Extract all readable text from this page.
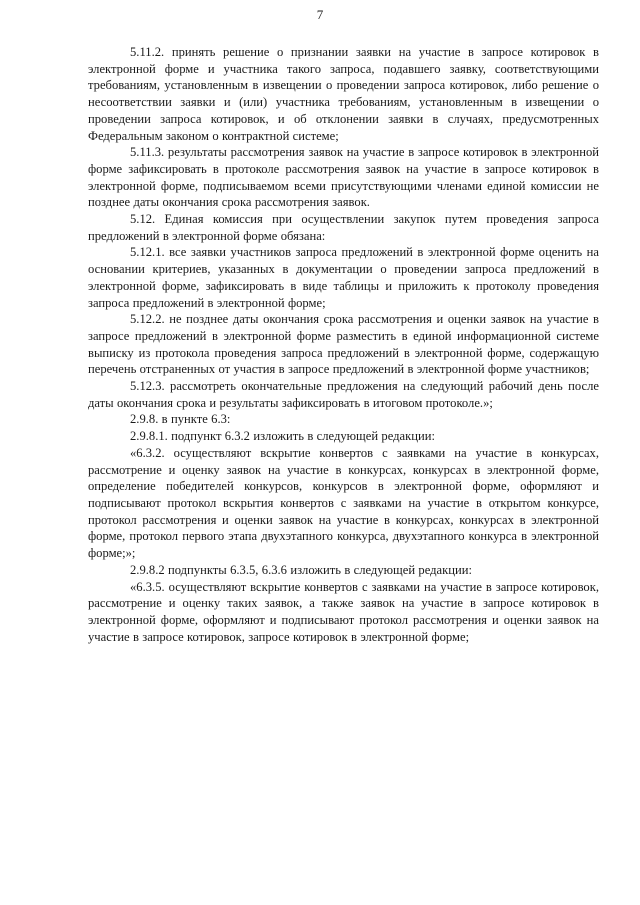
7

5.11.2. принять решение о признании заявки на участие в запросе котировок в электронной форме и участника такого запроса, подавшего заявку, соответствующими требованиям, установленным в извещении о проведении запроса котировок, либо решение о несоответствии заявки и (или) участника требованиям, установленным в извещении о проведении запроса котировок, и об отклонении заявки в случаях, предусмотренных Федеральным законом о контрактной системе;

5.11.3. результаты рассмотрения заявок на участие в запросе котировок в электронной форме зафиксировать в протоколе рассмотрения заявок на участие в запросе котировок в электронной форме, подписываемом всеми присутствующими членами единой комиссии не позднее даты окончания срока рассмотрения заявок.

5.12. Единая комиссия при осуществлении закупок путем проведения запроса предложений в электронной форме обязана:

5.12.1. все заявки участников запроса предложений в электронной форме оценить на основании критериев, указанных в документации о проведении запроса предложений в электронной форме, зафиксировать в виде таблицы и приложить к протоколу проведения запроса предложений в электронной форме;

5.12.2. не позднее даты окончания срока рассмотрения и оценки заявок на участие в запросе предложений в электронной форме разместить в единой информационной системе выписку из протокола проведения запроса предложений в электронной форме, содержащую перечень отстраненных от участия в запросе предложений в электронной форме участников;

5.12.3. рассмотреть окончательные предложения на следующий рабочий день после даты окончания срока и результаты зафиксировать в итоговом протоколе.»;

2.9.8. в пункте 6.3:

2.9.8.1. подпункт 6.3.2 изложить в следующей редакции:

«6.3.2. осуществляют вскрытие конвертов с заявками на участие в конкурсах, рассмотрение и оценку заявок на участие в конкурсах, конкурсах в электронной форме, определение победителей конкурсов, конкурсов в электронной форме, оформляют и подписывают протокол вскрытия конвертов с заявками на участие в открытом конкурсе, протокол рассмотрения и оценки заявок на участие в конкурсах, конкурсах в электронной форме, протокол первого этапа двухэтапного конкурса, двухэтапного конкурса в электронной форме;»;

2.9.8.2 подпункты 6.3.5, 6.3.6 изложить в следующей редакции:

«6.3.5. осуществляют вскрытие конвертов с заявками на участие в запросе котировок, рассмотрение и оценку таких заявок, а также заявок на участие в запросе котировок в электронной форме, оформляют и подписывают протокол рассмотрения и оценки заявок на участие в запросе котировок, запросе котировок в электронной форме;
